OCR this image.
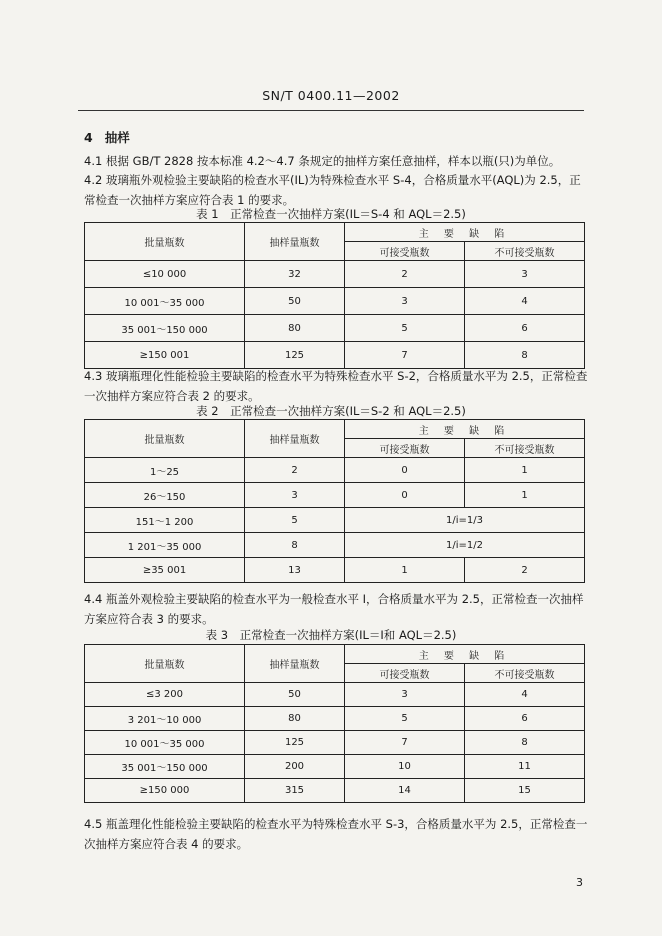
SN/T 0400.11—2002
4 抽样
4.1 根据 GB/T 2828 按本标准 4.2～4.7 条规定的抽样方案任意抽样，样本以瓶(只)为单位。
4.2 玻璃瓶外观检验主要缺陷的检查水平(IL)为特殊检查水平 S-4，合格质量水平(AQL)为 2.5，正常检查一次抽样方案应符合表 1 的要求。
表 1　正常检查一次抽样方案(IL＝S-4 和 AQL＝2.5)
批量瓶数	抽样量瓶数	主 要 缺 陷	
		可接受瓶数	不可接受瓶数
≤10 000	32	2	3
10 001～35 000	50	3	4
35 001～150 000	80	5	6
≥150 001	125	7	8
4.3 玻璃瓶理化性能检验主要缺陷的检查水平为特殊检查水平 S-2，合格质量水平为 2.5，正常检查一次抽样方案应符合表 2 的要求。
表 2　正常检查一次抽样方案(IL＝S-2 和 AQL＝2.5)
批量瓶数	抽样量瓶数	主 要 缺 陷	
		可接受瓶数	不可接受瓶数
1～25	2	0	1
26～150	3	0	1
151～1 200	5	1/i=1/3	
1 201～35 000	8	1/i=1/2	
≥35 001	13	1	2
4.4 瓶盖外观检验主要缺陷的检查水平为一般检查水平 I，合格质量水平为 2.5，正常检查一次抽样方案应符合表 3 的要求。
表 3　正常检查一次抽样方案(IL＝Ⅰ和 AQL＝2.5)
批量瓶数	抽样量瓶数	主 要 缺 陷	
		可接受瓶数	不可接受瓶数
≤3 200	50	3	4
3 201～10 000	80	5	6
10 001～35 000	125	7	8
35 001～150 000	200	10	11
≥150 000	315	14	15
4.5 瓶盖理化性能检验主要缺陷的检查水平为特殊检查水平 S-3，合格质量水平为 2.5，正常检查一次抽样方案应符合表 4 的要求。
3
